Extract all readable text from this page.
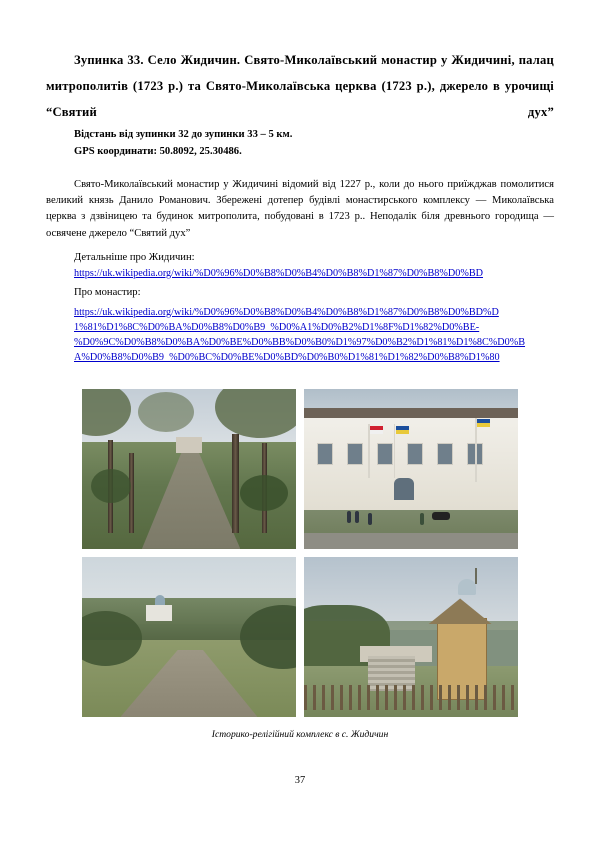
Зупинка 33. Село Жидичин. Свято-Миколаївський монастир у Жидичині, палац митрополитів (1723 р.) та Свято-Миколаївська церква (1723 р.), джерело в урочищі “Святий дух”

Відстань від зупинки 32 до зупинки 33 – 5 км.

GPS координати: 50.8092, 25.30486.

Свято-Миколаївський монастир у Жидичині відомий від 1227 р., коли до нього приїжджав помолитися великий князь Данило Романович. Збережені дотепер будівлі монастирського комплексу — Миколаївська церква з дзвіницею та будинок митрополита, побудовані в 1723 р.. Неподалік біля древнього городища — освячене джерело “Святий дух”

Детальніше про Жидичин:

https://uk.wikipedia.org/wiki/%D0%96%D0%B8%D0%B4%D0%B8%D1%87%D0%B8%D0%BD

Про монастир:

https://uk.wikipedia.org/wiki/%D0%96%D0%B8%D0%B4%D0%B8%D1%87%D0%B8%D0%BD%D
1%81%D1%8C%D0%BA%D0%B8%D0%B9_%D0%A1%D0%B2%D1%8F%D1%82%D0%BE-
%D0%9C%D0%B8%D0%BA%D0%BE%D0%BB%D0%B0%D1%97%D0%B2%D1%81%D1%8C%D0%B
A%D0%B8%D0%B9_%D0%BC%D0%BE%D0%BD%D0%B0%D1%81%D1%82%D0%B8%D1%80
Історико-релігійний комплекс в с. Жидичин
37
